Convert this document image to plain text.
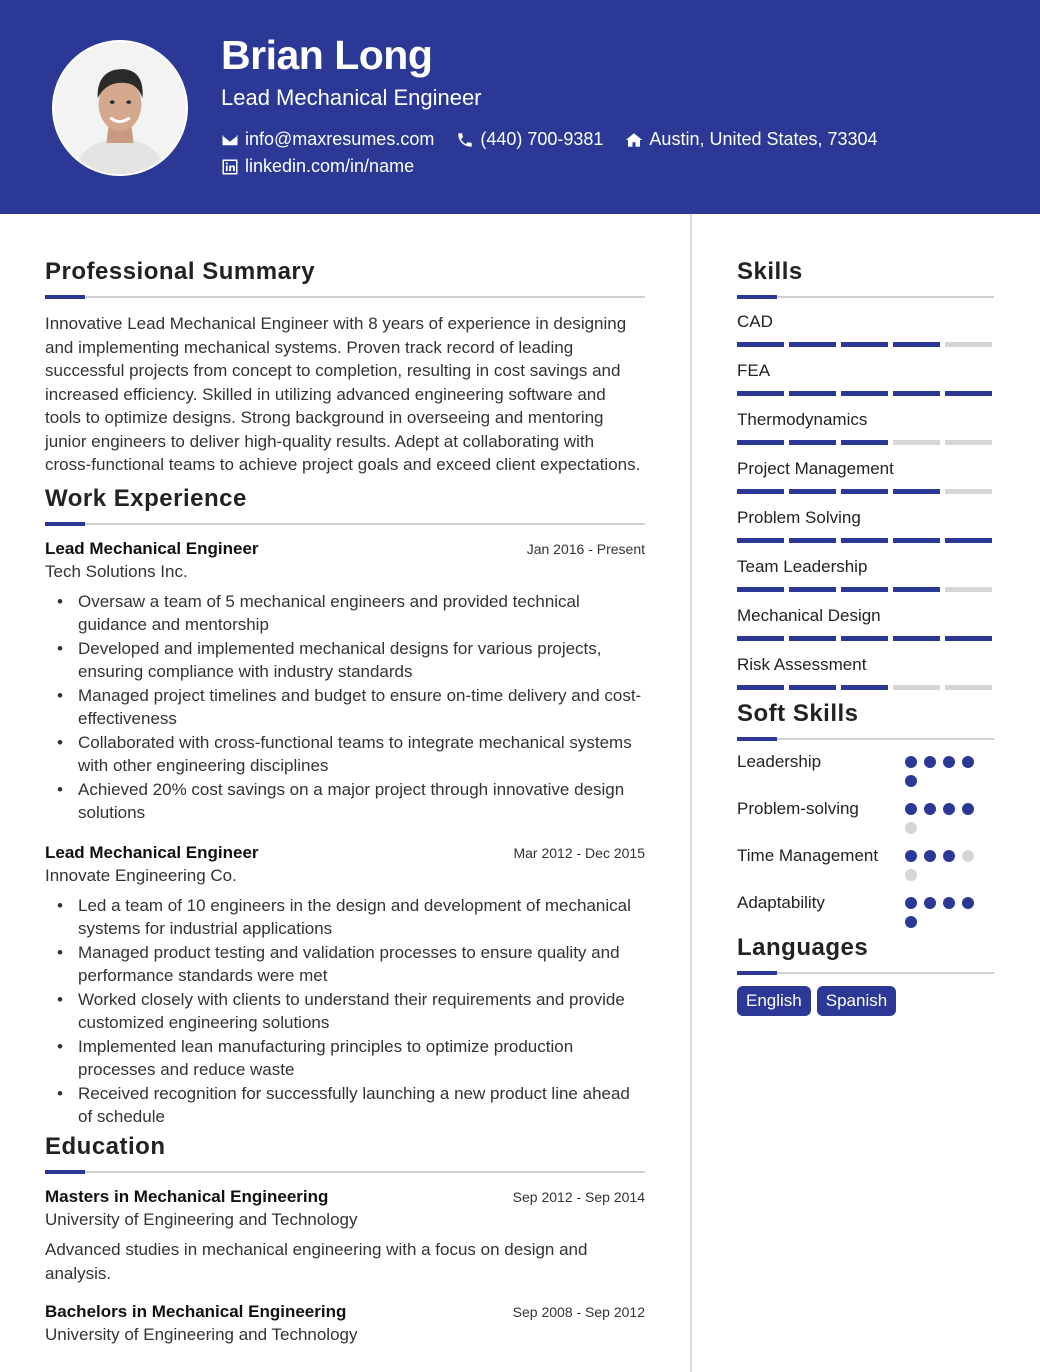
Brian Long
Lead Mechanical Engineer
info@maxresumes.com	(440) 700-9381	Austin, United States, 73304
linkedin.com/in/name
Professional Summary

Innovative Lead Mechanical Engineer with 8 years of experience in designing and implementing mechanical systems. Proven track record of leading successful projects from concept to completion, resulting in cost savings and increased efficiency. Skilled in utilizing advanced engineering software and tools to optimize designs. Strong background in overseeing and mentoring junior engineers to deliver high-quality results. Adept at collaborating with cross-functional teams to achieve project goals and exceed client expectations.

Work Experience
Lead Mechanical Engineer	Jan 2016 - Present
Tech Solutions Inc.
• Oversaw a team of 5 mechanical engineers and provided technical guidance and mentorship
• Developed and implemented mechanical designs for various projects, ensuring compliance with industry standards
• Managed project timelines and budget to ensure on-time delivery and cost-effectiveness
• Collaborated with cross-functional teams to integrate mechanical systems with other engineering disciplines
• Achieved 20% cost savings on a major project through innovative design solutions
Lead Mechanical Engineer	Mar 2012 - Dec 2015
Innovate Engineering Co.
• Led a team of 10 engineers in the design and development of mechanical systems for industrial applications
• Managed product testing and validation processes to ensure quality and performance standards were met
• Worked closely with clients to understand their requirements and provide customized engineering solutions
• Implemented lean manufacturing principles to optimize production processes and reduce waste
• Received recognition for successfully launching a new product line ahead of schedule
Education
Masters in Mechanical Engineering	Sep 2012 - Sep 2014
University of Engineering and Technology

Advanced studies in mechanical engineering with a focus on design and analysis.

Bachelors in Mechanical Engineering	Sep 2008 - Sep 2012
University of Engineering and Technology
Skills
CAD
FEA
Thermodynamics
Project Management
Problem Solving
Team Leadership
Mechanical Design
Risk Assessment
Soft Skills
Leadership
Problem-solving
Time Management
Adaptability
Languages
English	Spanish
